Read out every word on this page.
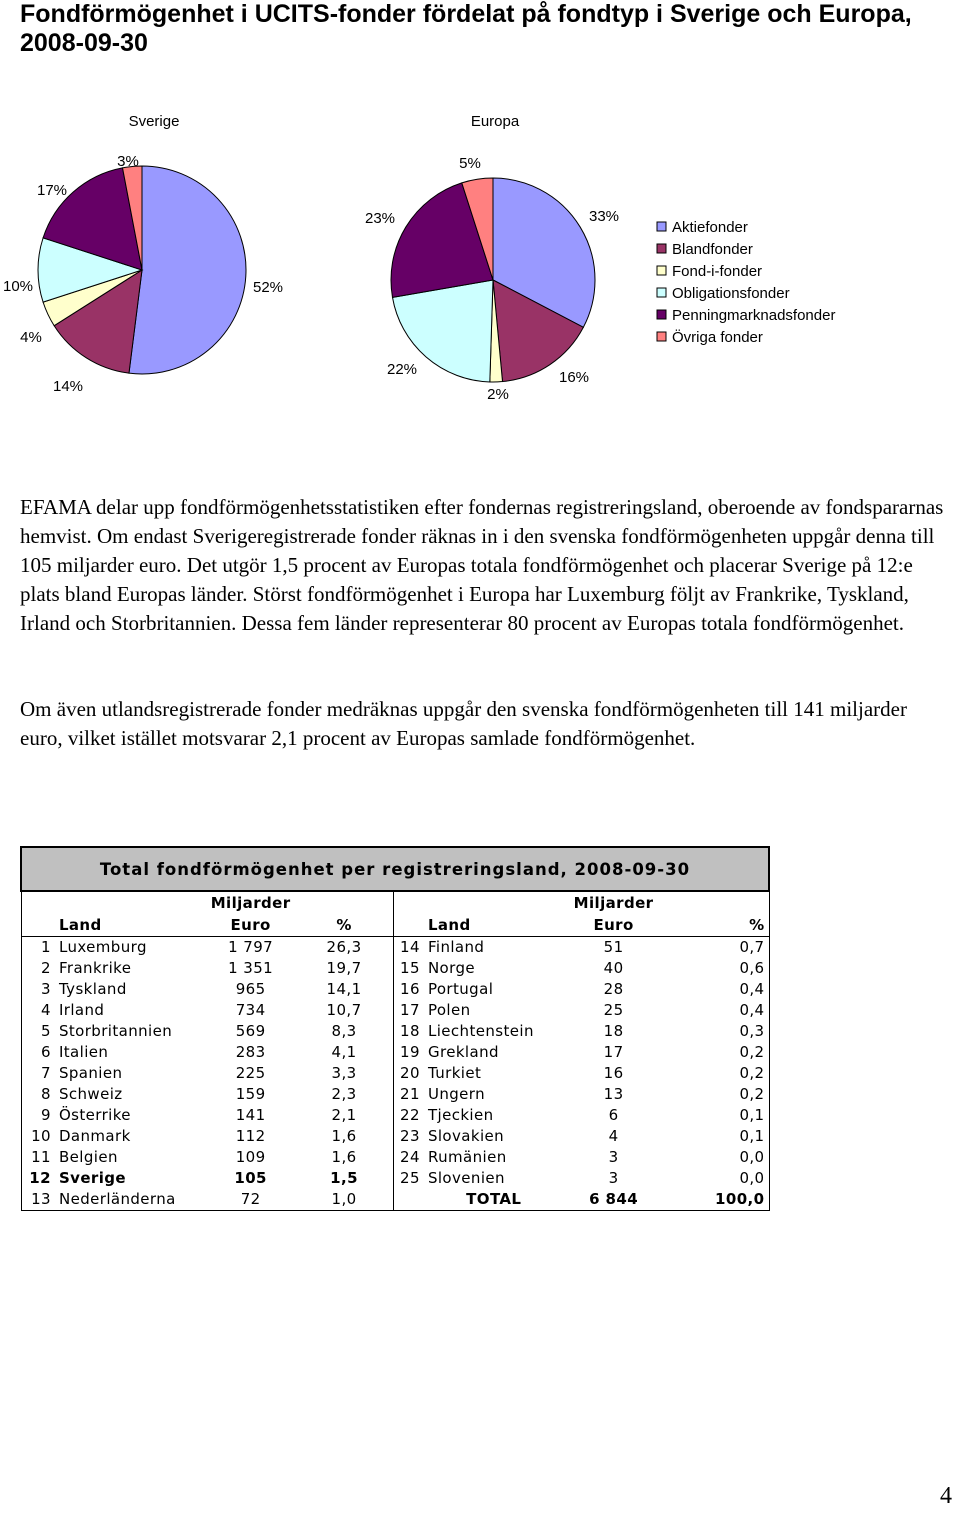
Fondförmögenhet i UCITS-fonder fördelat på fondtyp i Sverige och Europa, 2008-09-30
Sverige	Europa
52%
14%
4%
10%
17%
3%
33%
16%
2%
22%
23%
5%
Aktiefonder
Blandfonder
Fond-i-fonder
Obligationsfonder
Penningmarknadsfonder
Övriga fonder

EFAMA delar upp fondförmögenhetsstatistiken efter fondernas registreringsland, oberoende av fondspararnas hemvist. Om endast Sverigeregistrerade fonder räknas in i den svenska fondförmögenheten uppgår denna till 105 miljarder euro. Det utgör 1,5 procent av Europas totala fondförmögenhet och placerar Sverige på 12:e plats bland Europas länder. Störst fondförmögenhet i Europa har Luxemburg följt av Frankrike, Tyskland, Irland och Storbritannien. Dessa fem länder representerar 80 procent av Europas totala fondförmögenhet.

Om även utlandsregistrerade fonder medräknas uppgår den svenska fondförmögenheten till 141 miljarder euro, vilket istället motsvarar 2,1 procent av Europas samlade fondförmögenhet.

Total fondförmögenhet per registreringsland, 2008-09-30							
		Miljarder				Miljarder	
	Land	Euro	%		Land	Euro	%
1	Luxemburg	1 797	26,3	14	Finland	51	0,7
2	Frankrike	1 351	19,7	15	Norge	40	0,6
3	Tyskland	965	14,1	16	Portugal	28	0,4
4	Irland	734	10,7	17	Polen	25	0,4
5	Storbritannien	569	8,3	18	Liechtenstein	18	0,3
6	Italien	283	4,1	19	Grekland	17	0,2
7	Spanien	225	3,3	20	Turkiet	16	0,2
8	Schweiz	159	2,3	21	Ungern	13	0,2
9	Österrike	141	2,1	22	Tjeckien	6	0,1
10	Danmark	112	1,6	23	Slovakien	4	0,1
11	Belgien	109	1,6	24	Rumänien	3	0,0
12	Sverige	105	1,5	25	Slovenien	3	0,0
13	Nederländerna	72	1,0		TOTAL	6 844	100,0
4
